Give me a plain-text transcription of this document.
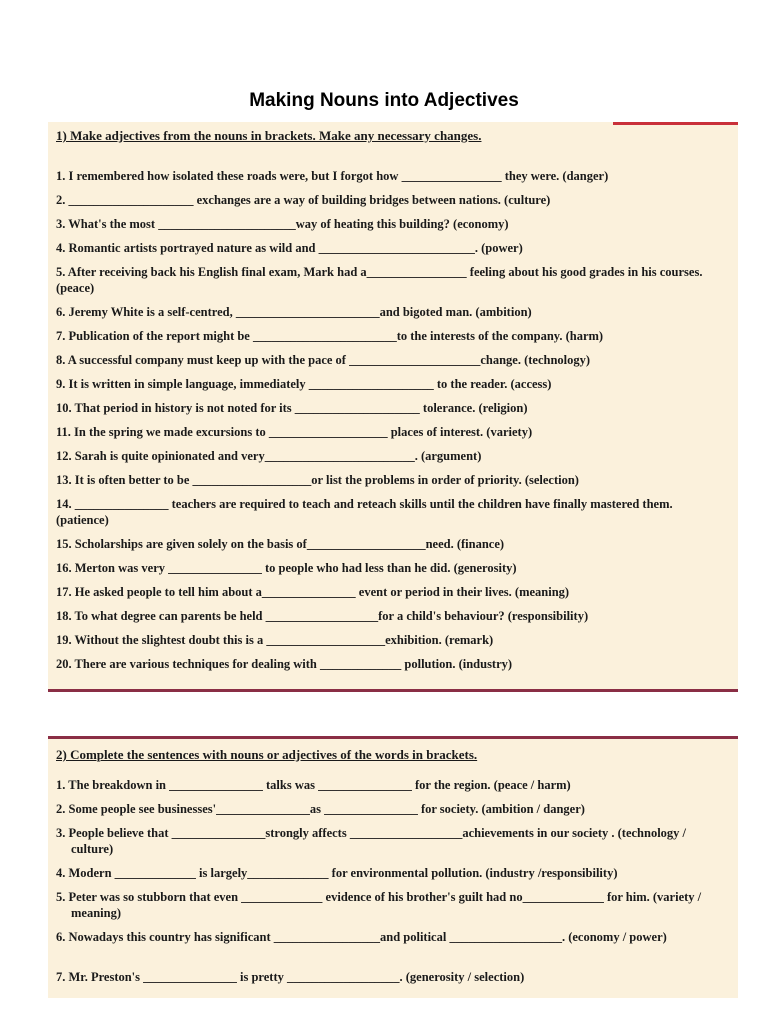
Making Nouns into Adjectives
1) Make adjectives from the nouns in brackets. Make any necessary changes.
1. I remembered how isolated these roads were, but I forgot how ________________ they were. (danger)
2. ____________________ exchanges are a way of building bridges between nations. (culture)
3. What's the most ______________________way of heating this building? (economy)
4. Romantic artists portrayed nature as wild and _________________________. (power)
5. After receiving back his English final exam, Mark had a________________ feeling about his good grades in his courses. (peace)
6. Jeremy White is a self-centred, _______________________and bigoted man. (ambition)
7. Publication of the report might be _______________________to the interests of the company. (harm)
8. A successful company must keep up with the pace of _____________________change. (technology)
9. It is written in simple language, immediately ____________________ to the reader. (access)
10. That period in history is not noted for its ____________________ tolerance. (religion)
11. In the spring we made excursions to ___________________ places of interest. (variety)
12. Sarah is quite opinionated and very________________________. (argument)
13. It is often better to be ___________________or list the problems in order of priority. (selection)
14. _______________ teachers are required to teach and reteach skills until the children have finally mastered them. (patience)
15. Scholarships are given solely on the basis of___________________need. (finance)
16. Merton was very _______________ to people who had less than he did. (generosity)
17. He asked people to tell him about a_______________ event or period in their lives. (meaning)
18. To what degree can parents be held __________________for a child's behaviour? (responsibility)
19. Without the slightest doubt this is a ___________________exhibition. (remark)
20. There are various techniques for dealing with _____________ pollution. (industry)
2) Complete the sentences with nouns or adjectives of the words in brackets.
1. The breakdown in _______________ talks was _______________ for the region. (peace / harm)
2. Some people see businesses'_______________as _______________ for society. (ambition / danger)
3. People believe that _______________strongly affects __________________achievements in our society . (technology / culture)
4. Modern _____________ is largely_____________ for environmental pollution. (industry /responsibility)
5. Peter was so stubborn that even _____________ evidence of his brother's guilt had no_____________ for him. (variety / meaning)
6. Nowadays this country has significant _________________and political __________________. (economy / power)
7. Mr. Preston's _______________ is pretty __________________. (generosity / selection)
